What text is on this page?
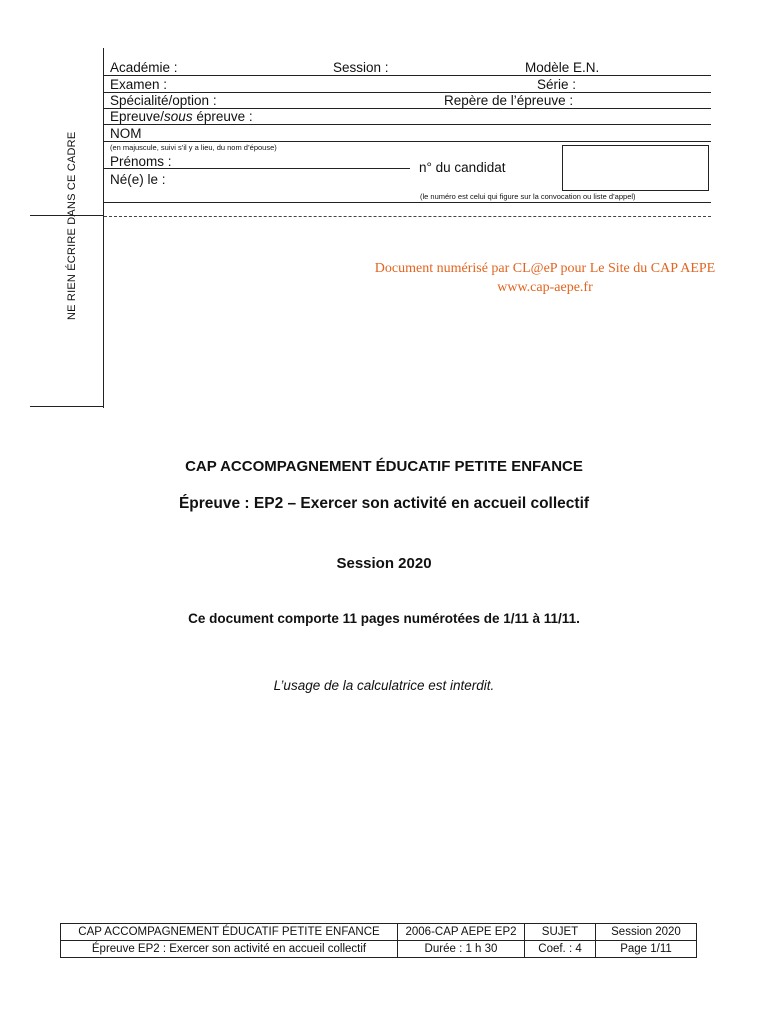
NE RIEN ÉCRIRE DANS CE CADRE
Académie :	Session :	Modèle E.N.
Examen :	Série :
Spécialité/option :	Repère de l’épreuve :
Epreuve/sous épreuve :
NOM
(en majuscule, suivi s’il y a lieu, du nom d’épouse)
Prénoms :	n° du candidat
Né(e) le :
(le numéro est celui qui figure sur la convocation ou liste d’appel)
Document numérisé par CL@eP pour Le Site du CAP AEPE
www.cap-aepe.fr
CAP ACCOMPAGNEMENT ÉDUCATIF PETITE ENFANCE
Épreuve : EP2 – Exercer son activité en accueil collectif
Session 2020
Ce document comporte 11 pages numérotées de 1/11 à 11/11.
L’usage de la calculatrice est interdit.
CAP ACCOMPAGNEMENT ÉDUCATIF PETITE ENFANCE	2006-CAP AEPE EP2	SUJET	Session 2020
Épreuve EP2 : Exercer son activité en accueil collectif	Durée : 1 h 30	Coef. : 4	Page 1/11
